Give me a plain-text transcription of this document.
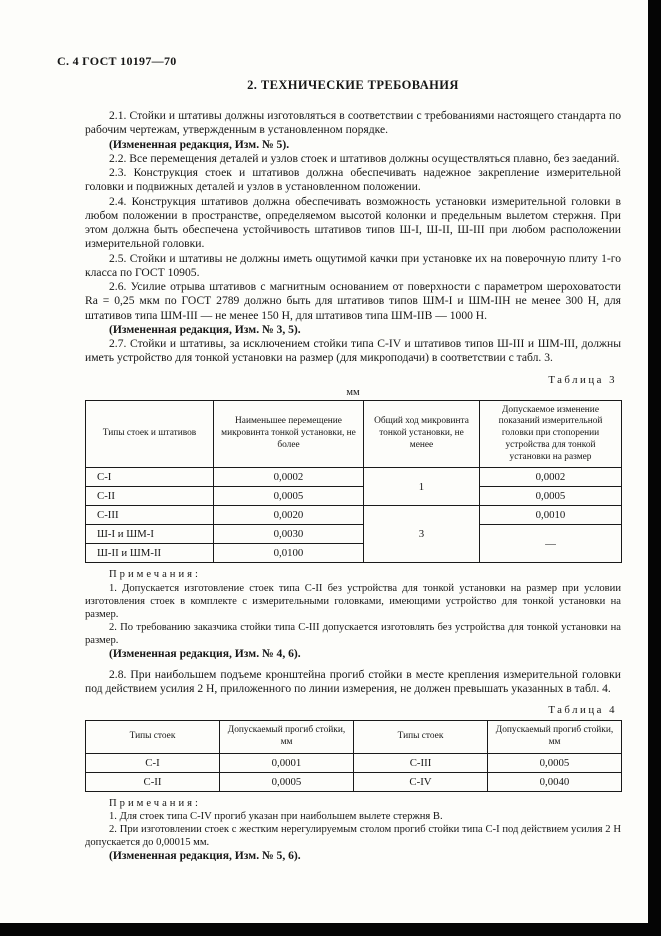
С. 4 ГОСТ 10197—70
2. ТЕХНИЧЕСКИЕ ТРЕБОВАНИЯ

2.1. Стойки и штативы должны изготовляться в соответствии с требованиями настоящего стандарта по рабочим чертежам, утвержденным в установленном порядке.

(Измененная редакция, Изм. № 5).

2.2. Все перемещения деталей и узлов стоек и штативов должны осуществляться плавно, без заеданий.

2.3. Конструкция стоек и штативов должна обеспечивать надежное закрепление измерительной головки и подвижных деталей и узлов в установленном положении.

2.4. Конструкция штативов должна обеспечивать возможность установки измерительной головки в любом положении в пространстве, определяемом высотой колонки и предельным вылетом стержня. При этом должна быть обеспечена устойчивость штативов типов Ш-I, Ш-II, Ш-III при любом расположении измерительной головки.

2.5. Стойки и штативы не должны иметь ощутимой качки при установке их на поверочную плиту 1-го класса по ГОСТ 10905.

2.6. Усилие отрыва штативов с магнитным основанием от поверхности с параметром шероховатости Ra = 0,25 мкм по ГОСТ 2789 должно быть для штативов типов ШМ-I и ШМ-IIН не менее 300 Н, для штативов типа ШМ-III — не менее 150 Н, для штативов типа ШМ-IIВ — 1000 Н.

(Измененная редакция, Изм. № 3, 5).

2.7. Стойки и штативы, за исключением стойки типа С-IV и штативов типов Ш-III и ШМ-III, должны иметь устройство для тонкой установки на размер (для микроподачи) в соответствии с табл. 3.

Таблица 3
мм
Типы стоек и штативов	Наименьшее перемещение микровинта тонкой установки, не более	Общий ход микровинта тонкой установки, не менее	Допускаемое изменение показаний измерительной головки при стопорении устройства для тонкой установки на размер
С-I	0,0002	1	0,0002
С-II	0,0005		0,0005
С-III	0,0020	3	0,0010
Ш-I и ШМ-I	0,0030		—
Ш-II и ШМ-II	0,0100		
Примечания:

1. Допускается изготовление стоек типа С-II без устройства для тонкой установки на размер при условии изготовления стоек в комплекте с измерительными головками, имеющими устройство для тонкой установки на размер.

2. По требованию заказчика стойки типа С-III допускается изготовлять без устройства для тонкой установки на размер.

(Измененная редакция, Изм. № 4, 6).

2.8. При наибольшем подъеме кронштейна прогиб стойки в месте крепления измерительной головки под действием усилия 2 Н, приложенного по линии измерения, не должен превышать указанных в табл. 4.

Таблица 4
Типы стоек	Допускаемый прогиб стойки, мм	Типы стоек	Допускаемый прогиб стойки, мм
С-I	0,0001	С-III	0,0005
С-II	0,0005	С-IV	0,0040
Примечания:

1. Для стоек типа С-IV прогиб указан при наибольшем вылете стержня В.

2. При изготовлении стоек с жестким нерегулируемым столом прогиб стойки типа С-I под действием усилия 2 Н допускается до 0,00015 мм.

(Измененная редакция, Изм. № 5, 6).
